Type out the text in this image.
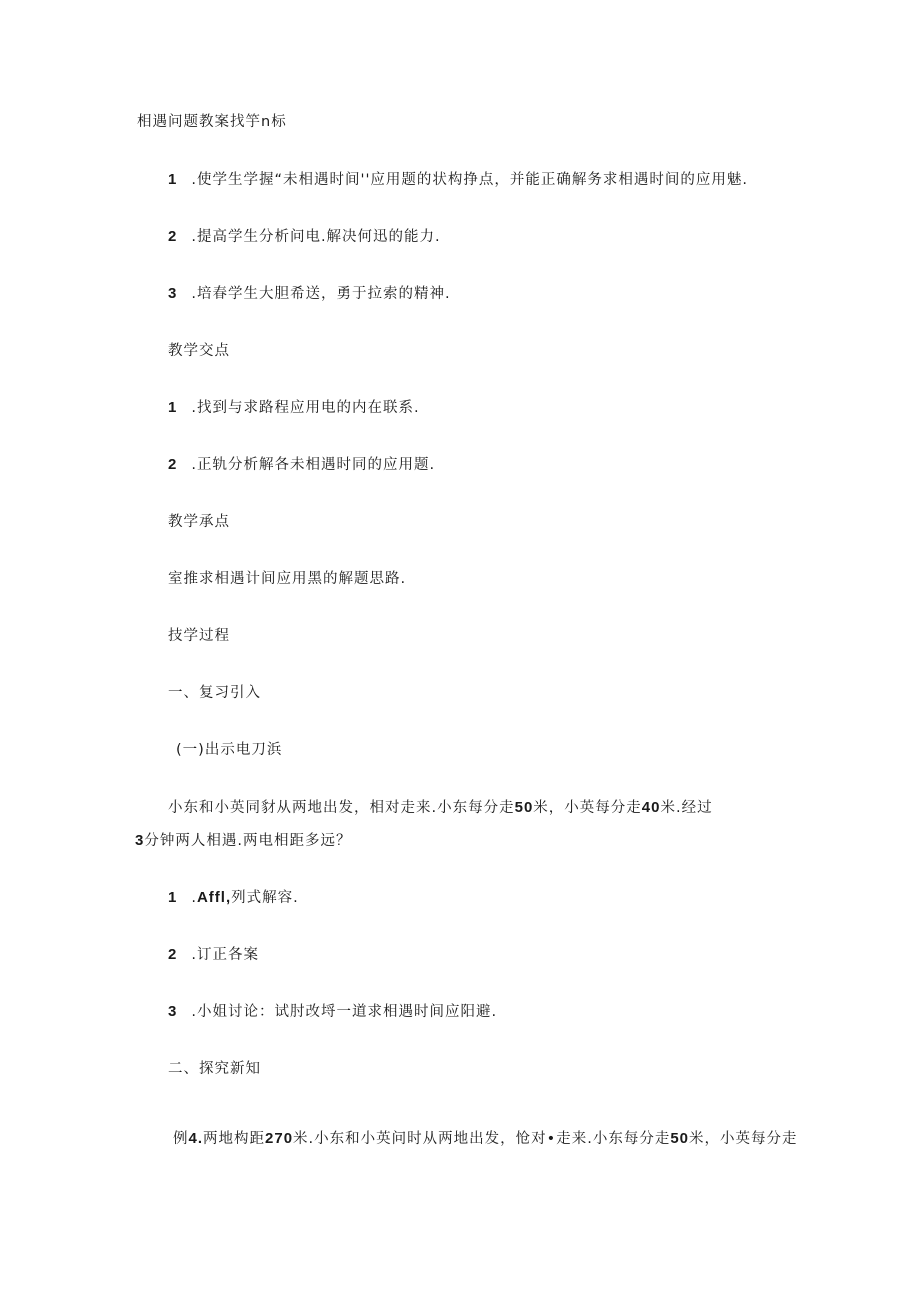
相遇问题教案找竽n标
1 .使学生学握“未相遇时间''应用题的状构挣点，并能正确解务求相遇时间的应用魅.
2 .提高学生分析问电.解决何迅的能力.
3 .培春学生大胆希送，勇于拉索的精神.
教学交点
1 .找到与求路程应用电的内在联系.
2 .正轨分析解各未相遇时同的应用题.
教学承点
室推求相遇计间应用黑的解题思路.
技学过程
一、复习引入
(一)出示电刀浜
小东和小英同豺从两地出发，相对走来.小东每分走50米，小英每分走40米.经过
3分钟两人相遇.两电相距多远？
1 .Affl,列式解容.
2 .订正各案
3 .小姐讨论：试肘改埒一道求相遇时间应阳避.
二、探究新知
例4.两地构距270米.小东和小英问时从两地出发，怆对•走来.小东每分走50米，小英每分走
